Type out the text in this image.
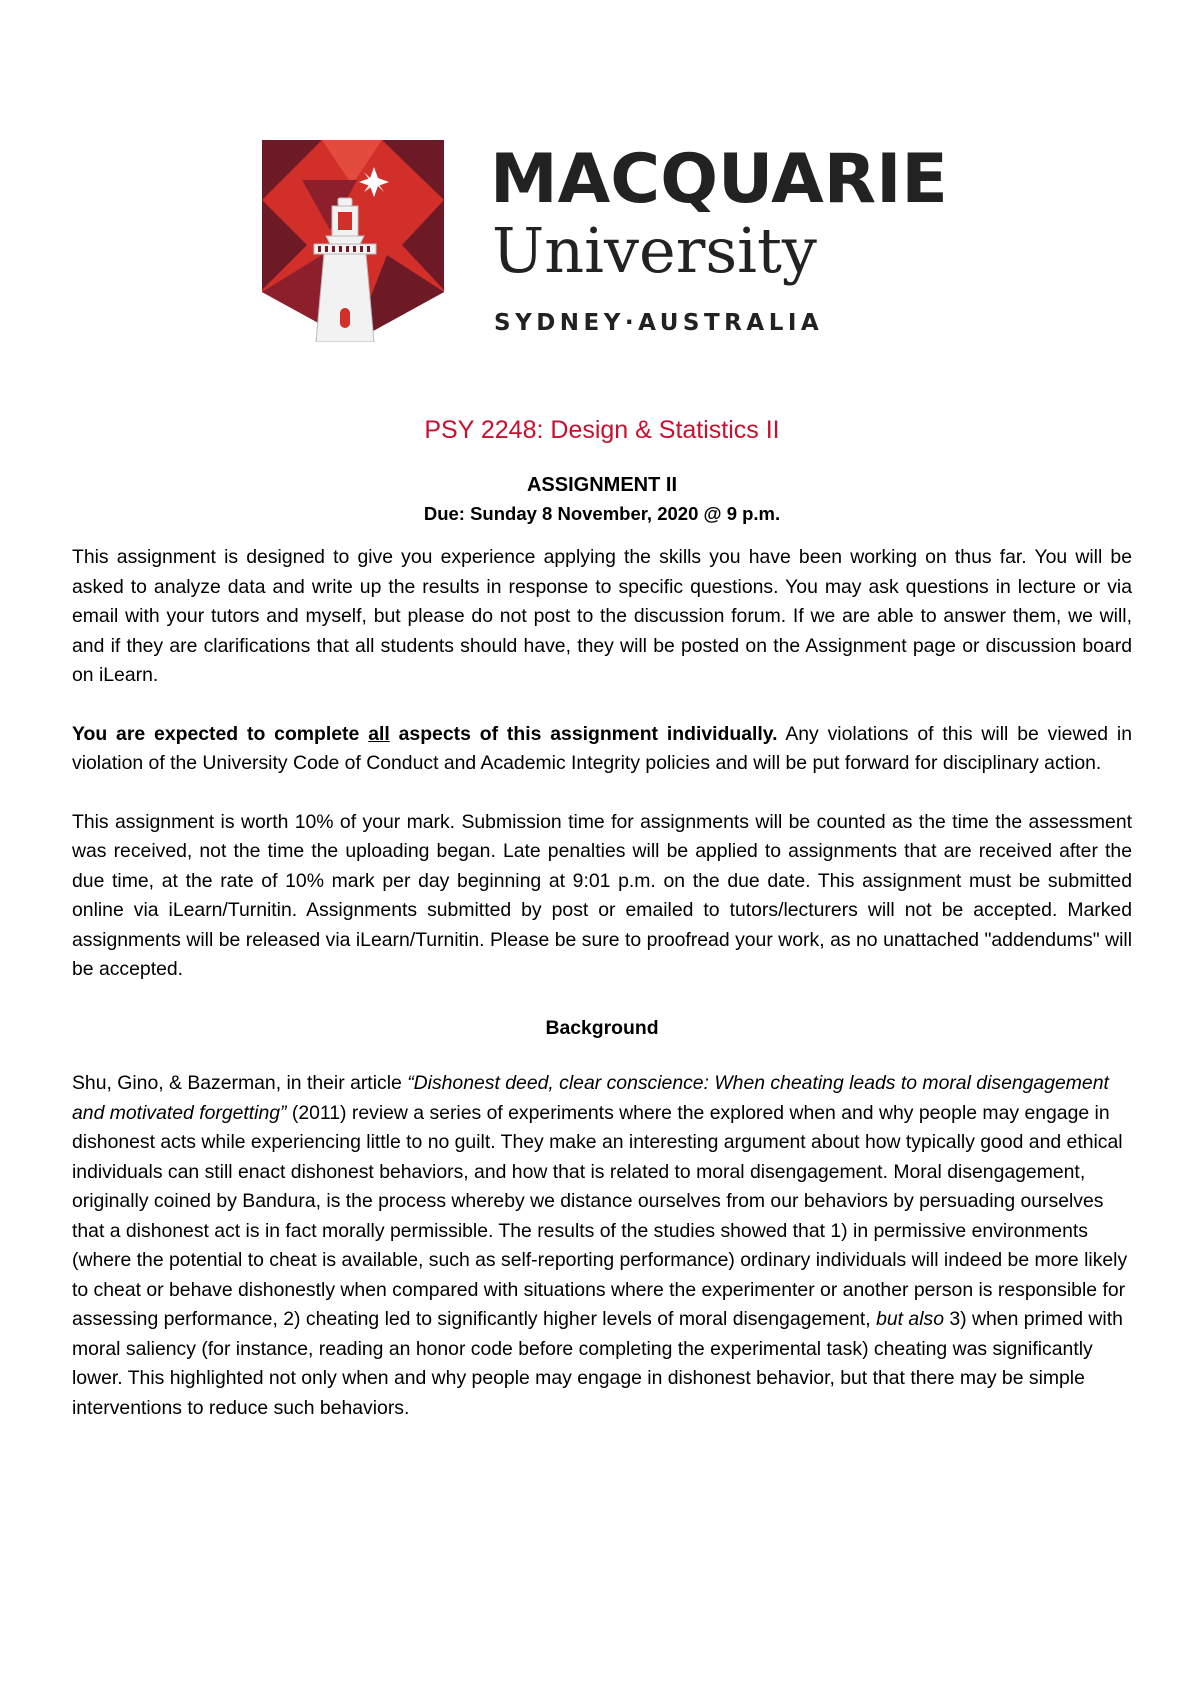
MACQUARIE
University
SYDNEY·AUSTRALIA
PSY 2248: Design & Statistics II
ASSIGNMENT II
Due: Sunday 8 November, 2020 @ 9 p.m.

This assignment is designed to give you experience applying the skills you have been working on thus far. You will be asked to analyze data and write up the results in response to specific questions. You may ask questions in lecture or via email with your tutors and myself, but please do not post to the discussion forum. If we are able to answer them, we will, and if they are clarifications that all students should have, they will be posted on the Assignment page or discussion board on iLearn.

You are expected to complete all aspects of this assignment individually. Any violations of this will be viewed in violation of the University Code of Conduct and Academic Integrity policies and will be put forward for disciplinary action.

This assignment is worth 10% of your mark. Submission time for assignments will be counted as the time the assessment was received, not the time the uploading began. Late penalties will be applied to assignments that are received after the due time, at the rate of 10% mark per day beginning at 9:01 p.m. on the due date. This assignment must be submitted online via iLearn/Turnitin. Assignments submitted by post or emailed to tutors/lecturers will not be accepted. Marked assignments will be released via iLearn/Turnitin. Please be sure to proofread your work, as no unattached "addendums" will be accepted.

Background

Shu, Gino, & Bazerman, in their article “Dishonest deed, clear conscience: When cheating leads to moral disengagement and motivated forgetting” (2011) review a series of experiments where the explored when and why people may engage in dishonest acts while experiencing little to no guilt. They make an interesting argument about how typically good and ethical individuals can still enact dishonest behaviors, and how that is related to moral disengagement. Moral disengagement, originally coined by Bandura, is the process whereby we distance ourselves from our behaviors by persuading ourselves that a dishonest act is in fact morally permissible. The results of the studies showed that 1) in permissive environments (where the potential to cheat is available, such as self-reporting performance) ordinary individuals will indeed be more likely to cheat or behave dishonestly when compared with situations where the experimenter or another person is responsible for assessing performance, 2) cheating led to significantly higher levels of moral disengagement, but also 3) when primed with moral saliency (for instance, reading an honor code before completing the experimental task) cheating was significantly lower. This highlighted not only when and why people may engage in dishonest behavior, but that there may be simple interventions to reduce such behaviors.
